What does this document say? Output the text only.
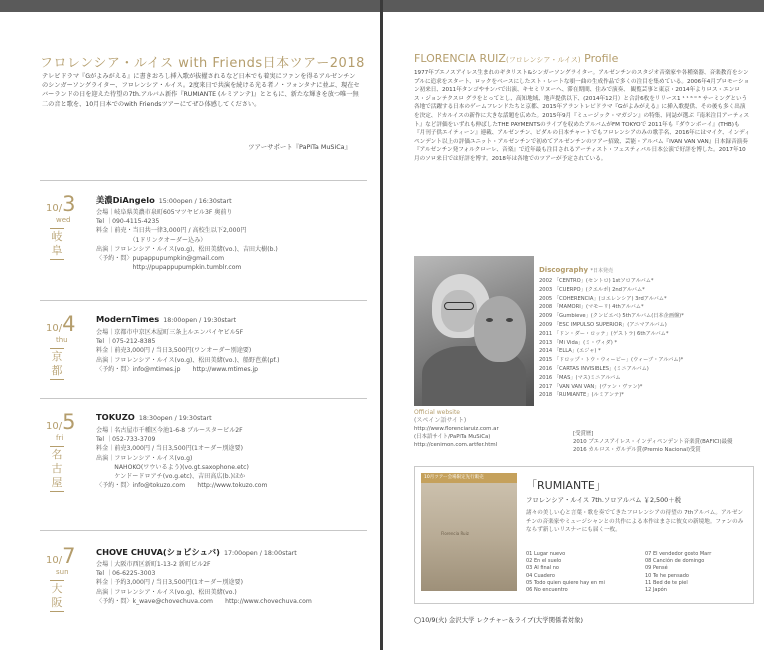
フロレンシア・ルイス with Friends日本ツアー2018
テレビドラマ『Gがよみがえる』に書きおろし挿入歌が抜擢されるなど日本でも着実にファンを得るアルゼンチンのシンガーソングライター、フロレンシア・ルイス。2度来日で共演を続ける光る者ノ・フォンタナに並ぶ、現在セバーランドの日を迎えた待望の7th.アルバム新作『RUMIANTE (ルミアンテ)』とともに、新たな輝きを放つ唯一無二の音と歌を、10月日本でのwith Friendsツアーにてぜひ体感してください。
ツアーサポート『PaPiTa MuSiCa』
10/3
wed
岐阜
美濃DiAngelo 15:00open / 16:30start
会場｜岐阜県美濃市泉町605マツヤビル3F 奥前り
Tel ｜090-4115-4235
料金｜前売・当日共一律3,000円 / 高校生以下2,000円
　　　　　　（1ドリンクオーダー込み）
出演｜フロレンシア・ルイス(vo.g)、松田美緒(vo.)、吉田大樹(b.)
〈予約・問〉pupappupumpkin@gmail.com
　　　　　　http://pupappupumpkin.tumblr.com
10/4
thu
京都
ModernTimes 18:00open / 19:30start
会場｜京都市中京区木屋町三条上ルエンパイヤビル5F
Tel ｜075-212-8385
料金｜前売3,000円 / 当日3,500円(ワンオーダー別途要)
出演｜フロレンシア・ルイス(vo.g)、松田美緒(vo.)、船野芭蕉(pf.)
〈予約・問〉info@mtimes.jp　　http://www.mtimes.jp
10/5
fri
名古屋
TOKUZO 18:30open / 19:30start
会場｜名古屋市千種区今池1-6-8 ブルースタービル2F
Tel ｜052-733-3709
料金｜前売3,000円 / 当日3,500円(1オーダー別途要)
出演｜フロレンシア・ルイス(vo.g)
　　　NAHOKO(ワウいるよう)(vo.gt.saxophone.etc)
　　　ケンドードロアチ(vo.g.etc)、吉田高広(b.)ほか
〈予約・問〉info@tokuzo.com　　http://www.tokuzo.com
10/7
sun
大阪
CHOVE CHUVA(ショビシュバ) 17:00open / 18:00start
会場｜大阪市西区新町1-13-2 新町ビル2F
Tel ｜06-6225-3003
料金｜予約3,000円 / 当日3,500円(1オーダー別途要)
出演｜フロレンシア・ルイス(vo.g)、松田美緒(vo.)
〈予約・問〉k_wave@chovechuva.com　　http://www.chovechuva.com
FLORENCIA RUIZ(フロレンシア・ルイス) Profile
1977年ブエノスアイレス生まれのギタリスト&シンガーソングライター。アルゼンチンのスタジオ音楽家や各種楽器、音楽教育をシンプルに追求をスタート、ロックをベースにしたスト・レートな唄一曲の生成作品で多くの注目を集めている。2006年4月プロモーション初来日、2011年タンゴやサンバで出演、キセミリヌーヘ、滞在期間、住みで演奏、 観覧芸事と東京・2014年よりロス・エンロス・ジョンテクスロ グラをとってとし、高知地域、地声提供以下、(2014年12月）と合計6枚をリリース1 ¹ ¹ ⁶ ⁰ ⁸ サーミングという各地で活躍する日本のゲームフレンドたちと京都、2015年アラントレビドラマ『Gがよみがえる』に挿入歌提供、その後も多く出演を決定、ドカルイスの新作に大きな話題を広めた。2015年9月『ミュージック・マガジン』の特集、同誌が選ぶ『南米注目アーティスト』など評価をいずれも伸ばしたTHE PAYMENTSのライブを収めたアルバムがFM TOKYOで 2011年も『ダウンボーイ』(THB)も『月刊子供エイティーン』連載、アルゼンチン、ビダルの日本チャートでもフロレンシアのみの歌手名、2016年にはマイク、インディペンデント以上の評価ユニット・アルゼンチンで初めてアルゼンチンのツアー招致、芸能・アルバム『IVAN VAN VAN』日本録音演奏『アルゼンチン発フォルクローレ、音楽』で近年最も注目されるアーティスト・フェスティバル日本公演で好評を博した。2017年10月のソロ来日では好評を博す。2018年は各地でのツアーが予定されている。
Discography *日本発売
2002 「CENTRO」(セントロ) 1stソロアルバム*
2003 「CUERPO」(クエルポ) 2ndアルバム*
2005 「COHERENCIA」(コエレンシア) 3rdアルバム*
2008 「MAMORI」(マモーリ) 4thアルバム*
2009 「Gumbieve」(クンビエベ) 5thアルバム(日本企画盤)*
2009 「ESC IMPULSO SUPERIOR」(アニマアルバム)
2011 「ドン・ダー・ロッテ」(ゲストラ) 6thアルバム*
2013 「Mi Vida」(ミ・ヴィダ) *
2014 「ELLA」(エジャ) *
2015 「ドロップ・トウ・ウィービー」(ウィーブ・アルバム)*
2016 「CARTAS INVISIBLES」(ミニアルバム)
2016 「MAS」(マス)ミニアルバム
2017 「VAN VAN VAN」(ヴァン・ヴァン)*
2018 「RUMIANTE」(ルミアンテ)*
Official website
(スペイン語サイト)
http://www.florenciaruiz.com.ar
(日本語サイト/PaPiTa MuSiCa)
http://cenimon.com.artfer.html
[受賞歴]
2010 ブエノスアイレス・インディペンデント音楽賞(BAFICI)最優
2016 カルロス・ガルデル賞(Premio Nacional)受賞
10月ツアー会場限定先行販売
Florencia Ruiz
「RUMIANTE」
フロレンシア・ルイス 7th.ソロアルバム ￥2,500＋税
諸々の美しい心と言葉・歌を奏でてきたフロレンシアの待望の 7thアルバム。アルゼンチンの音楽家やミュージシャンとの共作による本作はまさに彼女の新境地。ファンのみならず新しいリスナーにも届く一枚。
01 Lugar nuevo
02 En el suelo
03 Al final no
04 Cuadero
05 Todo quien quiere hay en mi
06 No encuentro
07 El vendedor gosto Marr
08 Canción de domingo
09 Pensé
10 Te he pensado
11 Bed de te piel
12 Japón
◯10/9(火) 金沢大学 レクチャー＆ライブ(大学関係者対象)
